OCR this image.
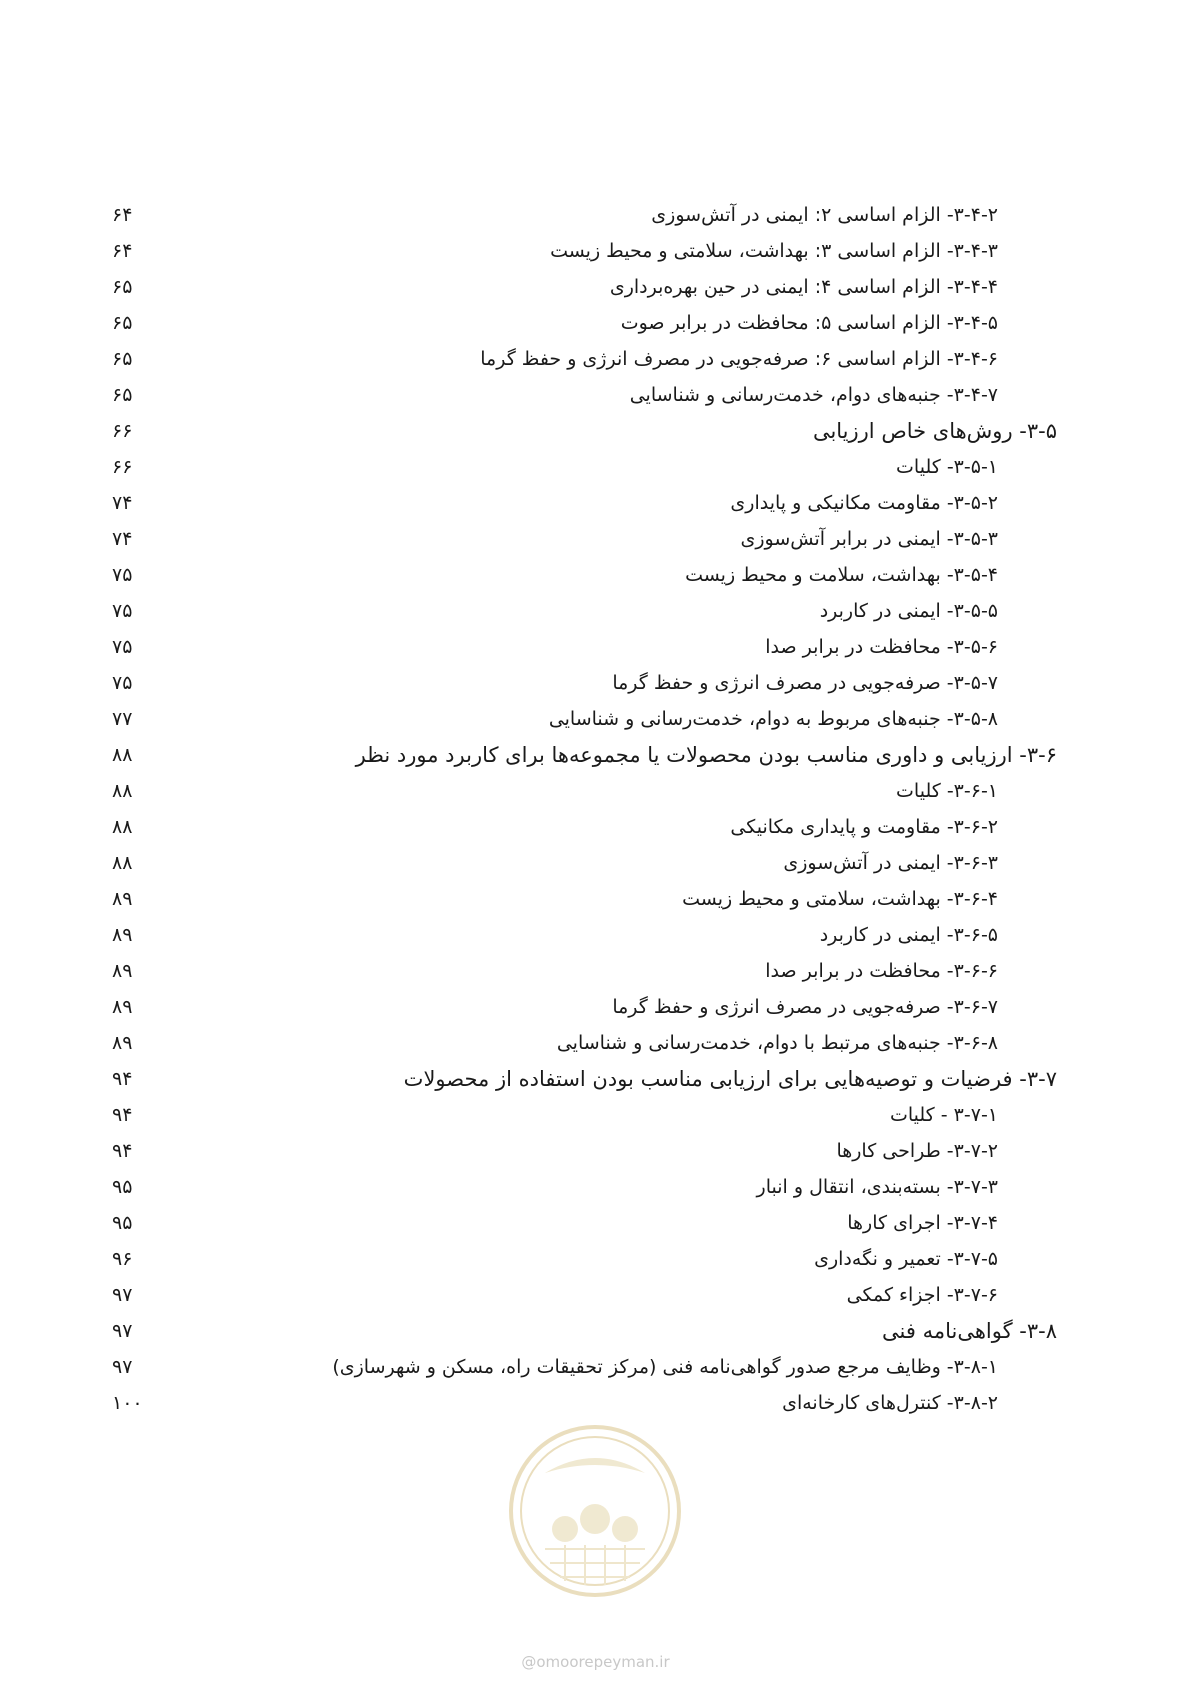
۳-۴-۲- الزام اساسی ۲: ایمنی در آتش‌سوزی
۶۴
۳-۴-۳- الزام اساسی ۳: بهداشت، سلامتی و محیط زیست
۶۴
۳-۴-۴- الزام اساسی ۴: ایمنی در حین بهره‌برداری
۶۵
۳-۴-۵- الزام اساسی ۵: محافظت در برابر صوت
۶۵
۳-۴-۶- الزام اساسی ۶: صرفه‌جویی در مصرف انرژی و حفظ گرما
۶۵
۳-۴-۷- جنبه‌های دوام، خدمت‌رسانی و شناسایی
۶۵
۳-۵- روش‌های خاص ارزیابی
۶۶
۳-۵-۱- کلیات
۶۶
۳-۵-۲- مقاومت مکانیکی و پایداری
۷۴
۳-۵-۳- ایمنی در برابر آتش‌سوزی
۷۴
۳-۵-۴- بهداشت، سلامت و محیط زیست
۷۵
۳-۵-۵- ایمنی در کاربرد
۷۵
۳-۵-۶- محافظت در برابر صدا
۷۵
۳-۵-۷- صرفه‌جویی در مصرف انرژی و حفظ گرما
۷۵
۳-۵-۸- جنبه‌های مربوط به دوام، خدمت‌رسانی و شناسایی
۷۷
۳-۶- ارزیابی و داوری مناسب بودن محصولات یا مجموعه‌ها برای کاربرد مورد نظر
۸۸
۳-۶-۱- کلیات
۸۸
۳-۶-۲- مقاومت و پایداری مکانیکی
۸۸
۳-۶-۳- ایمنی در آتش‌سوزی
۸۸
۳-۶-۴- بهداشت، سلامتی و محیط زیست
۸۹
۳-۶-۵- ایمنی در کاربرد
۸۹
۳-۶-۶- محافظت در برابر صدا
۸۹
۳-۶-۷- صرفه‌جویی در مصرف انرژی و حفظ گرما
۸۹
۳-۶-۸- جنبه‌های مرتبط با دوام، خدمت‌رسانی و شناسایی
۸۹
۳-۷- فرضیات و توصیه‌هایی برای ارزیابی مناسب بودن استفاده از محصولات
۹۴
۳-۷-۱ - کلیات
۹۴
۳-۷-۲- طراحی کارها
۹۴
۳-۷-۳- بسته‌بندی، انتقال و انبار
۹۵
۳-۷-۴- اجرای کارها
۹۵
۳-۷-۵- تعمیر و نگه‌داری
۹۶
۳-۷-۶- اجزاء کمکی
۹۷
۳-۸- گواهی‌نامه فنی
۹۷
۳-۸-۱- وظایف مرجع صدور گواهی‌نامه فنی (مرکز تحقیقات راه، مسکن و شهرسازی)
۹۷
۳-۸-۲- کنترل‌های کارخانه‌ای
۱۰۰
@omoorepeyman.ir
